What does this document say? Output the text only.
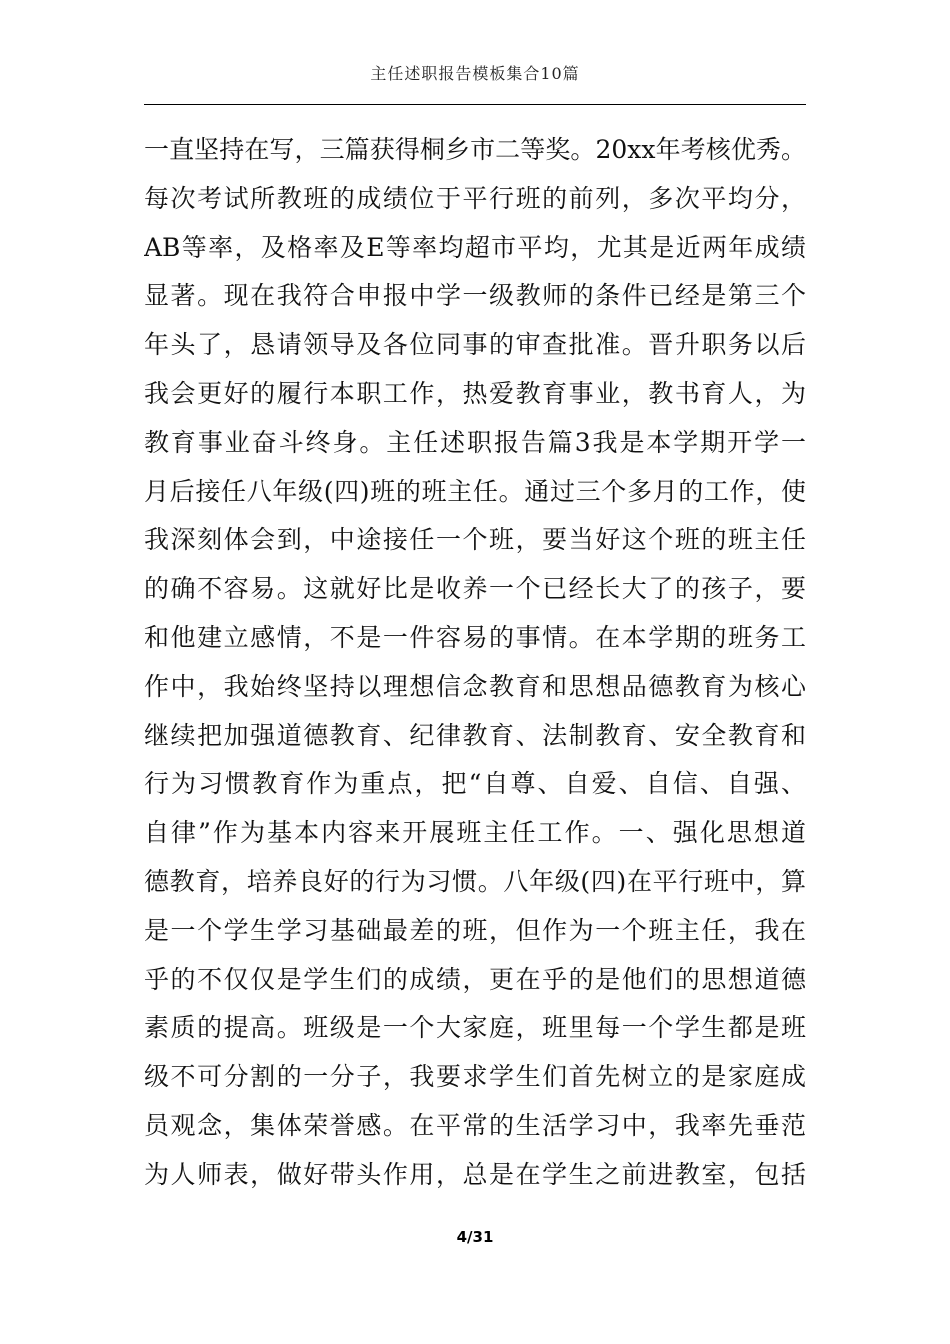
主任述职报告模板集合10篇
一直坚持在写，三篇获得桐乡市二等奖。20xx年考核优秀。
每次考试所教班的成绩位于平行班的前列，多次平均分，
AB等率，及格率及E等率均超市平均，尤其是近两年成绩
显著。现在我符合申报中学一级教师的条件已经是第三个
年头了，恳请领导及各位同事的审查批准。晋升职务以后
我会更好的履行本职工作，热爱教育事业，教书育人，为
教育事业奋斗终身。主任述职报告篇3我是本学期开学一
月后接任八年级(四)班的班主任。通过三个多月的工作，使
我深刻体会到，中途接任一个班，要当好这个班的班主任
的确不容易。这就好比是收养一个已经长大了的孩子，要
和他建立感情，不是一件容易的事情。在本学期的班务工
作中，我始终坚持以理想信念教育和思想品德教育为核心
继续把加强道德教育、纪律教育、法制教育、安全教育和
行为习惯教育作为重点，把“自尊、自爱、自信、自强、
自律”作为基本内容来开展班主任工作。一、强化思想道
德教育，培养良好的行为习惯。八年级(四)在平行班中，算
是一个学生学习基础最差的班，但作为一个班主任，我在
乎的不仅仅是学生们的成绩，更在乎的是他们的思想道德
素质的提高。班级是一个大家庭，班里每一个学生都是班
级不可分割的一分子，我要求学生们首先树立的是家庭成
员观念，集体荣誉感。在平常的生活学习中，我率先垂范
为人师表，做好带头作用，总是在学生之前进教室，包括
4/31
